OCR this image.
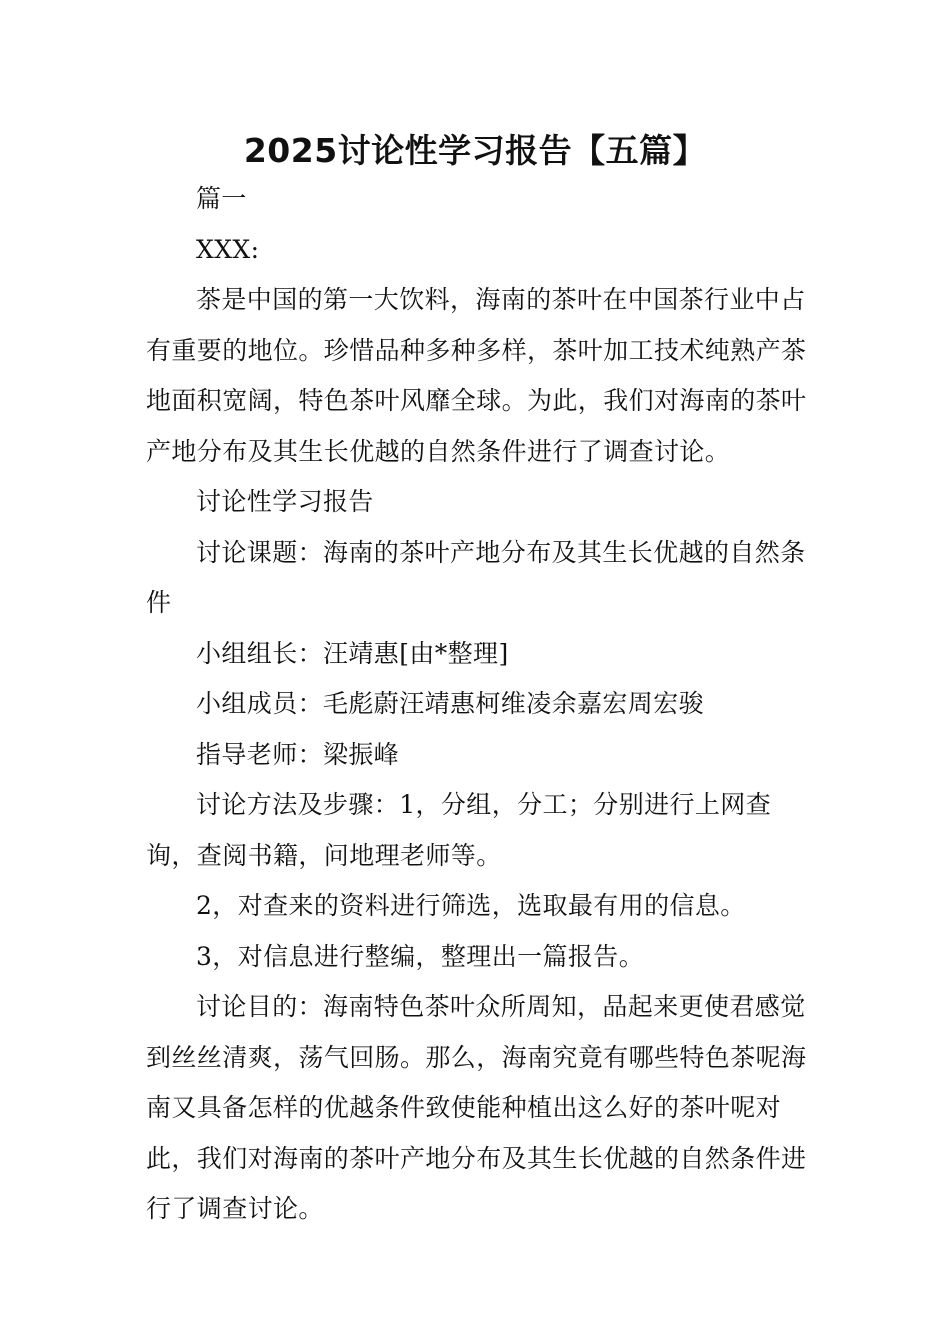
2025讨论性学习报告【五篇】

篇一

XXX:

茶是中国的第一大饮料，海南的茶叶在中国茶行业中占有重要的地位。珍惜品种多种多样，茶叶加工技术纯熟产茶地面积宽阔，特色茶叶风靡全球。为此，我们对海南的茶叶产地分布及其生长优越的自然条件进行了调查讨论。

讨论性学习报告

讨论课题：海南的茶叶产地分布及其生长优越的自然条件

小组组长：汪靖惠[由*整理]

小组成员：毛彪蔚汪靖惠柯维凌余嘉宏周宏骏

指导老师：梁振峰

讨论方法及步骤：1，分组，分工；分别进行上网查询，查阅书籍，问地理老师等。

2，对查来的资料进行筛选，选取最有用的信息。

3，对信息进行整编，整理出一篇报告。

讨论目的：海南特色茶叶众所周知，品起来更使君感觉到丝丝清爽，荡气回肠。那么，海南究竟有哪些特色茶呢海南又具备怎样的优越条件致使能种植出这么好的茶叶呢对此，我们对海南的茶叶产地分布及其生长优越的自然条件进行了调查讨论。
